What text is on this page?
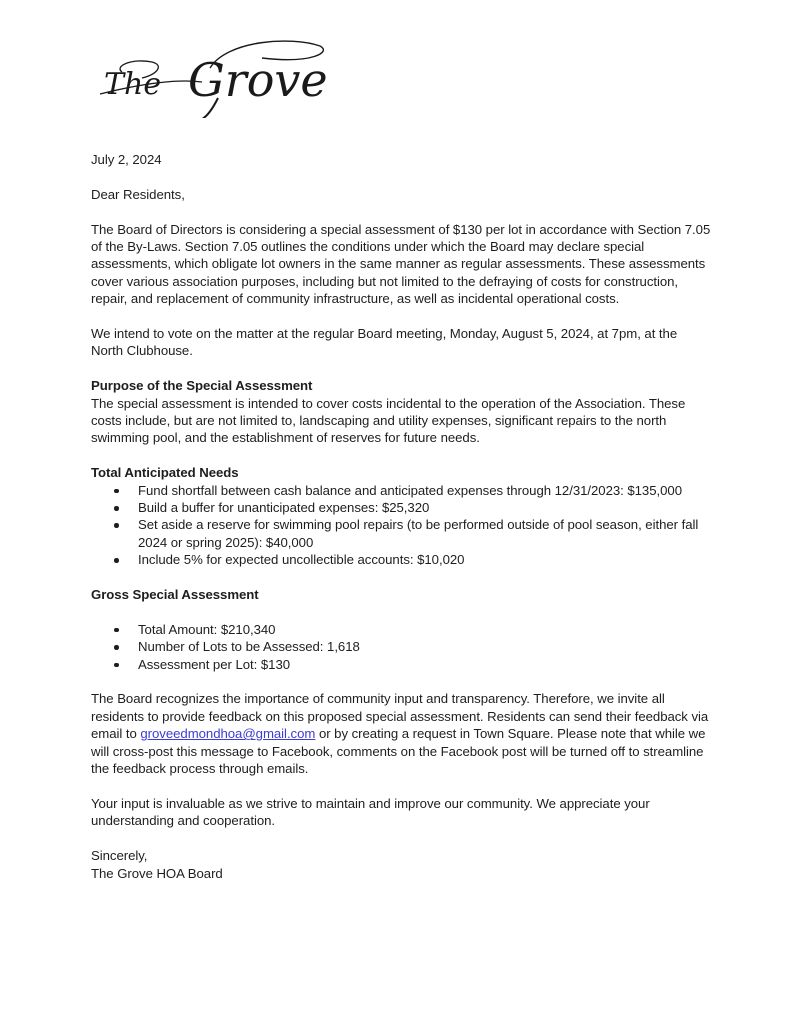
The Grove

July 2, 2024

Dear Residents,

The Board of Directors is considering a special assessment of $130 per lot in accordance with Section 7.05 of the By-Laws. Section 7.05 outlines the conditions under which the Board may declare special assessments, which obligate lot owners in the same manner as regular assessments. These assessments cover various association purposes, including but not limited to the defraying of costs for construction, repair, and replacement of community infrastructure, as well as incidental operational costs.

We intend to vote on the matter at the regular Board meeting, Monday, August 5, 2024, at 7pm, at the North Clubhouse.

Purpose of the Special Assessment

The special assessment is intended to cover costs incidental to the operation of the Association. These costs include, but are not limited to, landscaping and utility expenses, significant repairs to the north swimming pool, and the establishment of reserves for future needs.

Total Anticipated Needs

Fund shortfall between cash balance and anticipated expenses through 12/31/2023: $135,000
Build a buffer for unanticipated expenses: $25,320
Set aside a reserve for swimming pool repairs (to be performed outside of pool season, either fall 2024 or spring 2025): $40,000
Include 5% for expected uncollectible accounts: $10,020

Gross Special Assessment

Total Amount: $210,340
Number of Lots to be Assessed: 1,618
Assessment per Lot: $130

The Board recognizes the importance of community input and transparency. Therefore, we invite all residents to provide feedback on this proposed special assessment. Residents can send their feedback via email to groveedmondhoa@gmail.com or by creating a request in Town Square. Please note that while we will cross-post this message to Facebook, comments on the Facebook post will be turned off to streamline the feedback process through emails.

Your input is invaluable as we strive to maintain and improve our community. We appreciate your understanding and cooperation.

Sincerely,

The Grove HOA Board
